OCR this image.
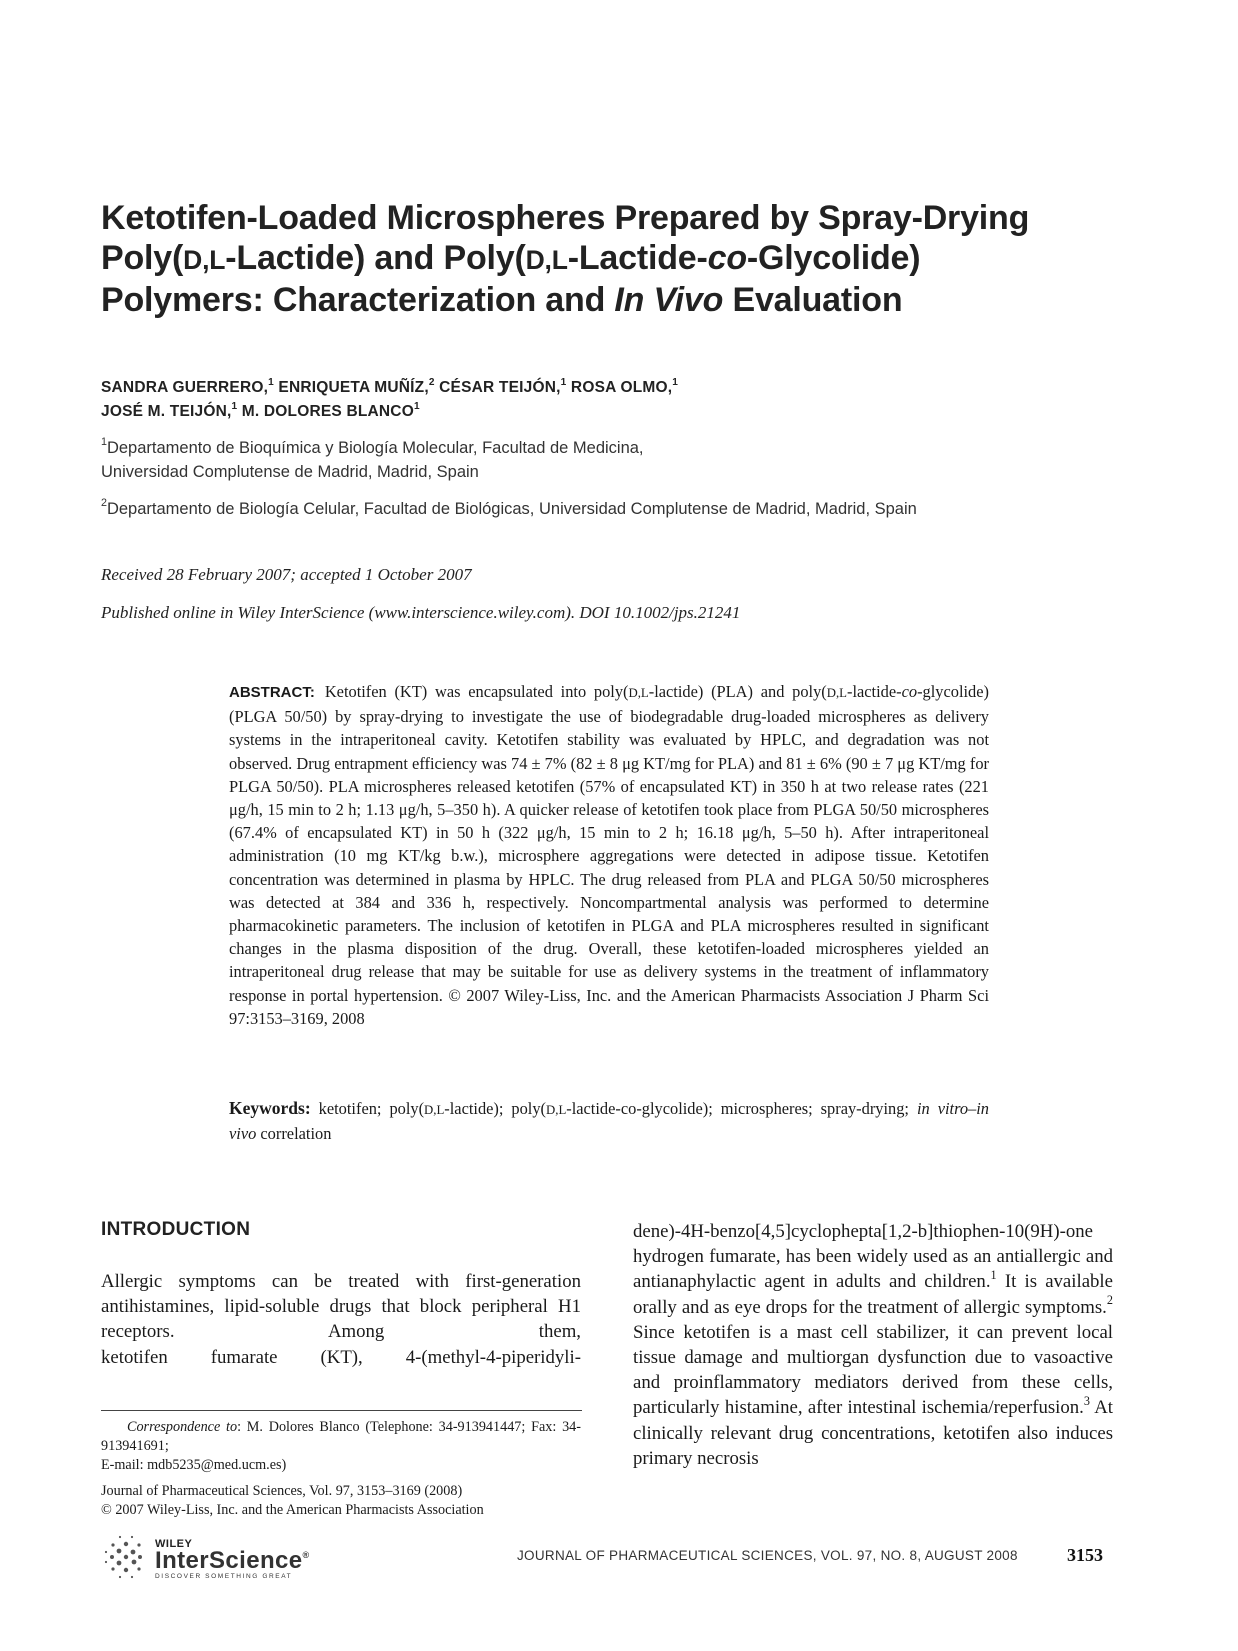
Ketotifen-Loaded Microspheres Prepared by Spray-Drying
Poly(D,L-Lactide) and Poly(D,L-Lactide-co-Glycolide)
Polymers: Characterization and In Vivo Evaluation
SANDRA GUERRERO,$^1$ ENRIQUETA MUÑÍZ,$^2$ CÉSAR TEIJÓN,$^1$ ROSA OLMO,$^1$
JOSÉ M. TEIJÓN,$^1$ M. DOLORES BLANCO$^1$
$^1$Departamento de Bioquímica y Biología Molecular, Facultad de Medicina,
Universidad Complutense de Madrid, Madrid, Spain
$^2$Departamento de Biología Celular, Facultad de Biológicas, Universidad Complutense de Madrid, Madrid, Spain
Received 28 February 2007; accepted 1 October 2007
Published online in Wiley InterScience (www.interscience.wiley.com). DOI 10.1002/jps.21241
ABSTRACT: Ketotifen (KT) was encapsulated into poly(D,L-lactide) (PLA) and poly(D,L-lactide-co-glycolide) (PLGA 50/50) by spray-drying to investigate the use of biodegradable drug-loaded microspheres as delivery systems in the intraperitoneal cavity. Ketotifen stability was evaluated by HPLC, and degradation was not observed. Drug entrapment efficiency was 74 ± 7% (82 ± 8 μg KT/mg for PLA) and 81 ± 6% (90 ± 7 μg KT/mg for PLGA 50/50). PLA microspheres released ketotifen (57% of encapsulated KT) in 350 h at two release rates (221 μg/h, 15 min to 2 h; 1.13 μg/h, 5–350 h). A quicker release of ketotifen took place from PLGA 50/50 microspheres (67.4% of encapsulated KT) in 50 h (322 μg/h, 15 min to 2 h; 16.18 μg/h, 5–50 h). After intraperitoneal administration (10 mg KT/kg b.w.), microsphere aggregations were detected in adipose tissue. Ketotifen concentration was determined in plasma by HPLC. The drug released from PLA and PLGA 50/50 microspheres was detected at 384 and 336 h, respectively. Noncompartmental analysis was performed to determine pharmacokinetic parameters. The inclusion of ketotifen in PLGA and PLA microspheres resulted in significant changes in the plasma disposition of the drug. Overall, these ketotifen-loaded microspheres yielded an intraperitoneal drug release that may be suitable for use as delivery systems in the treatment of inflammatory response in portal hypertension. © 2007 Wiley-Liss, Inc. and the American Pharmacists Association J Pharm Sci 97:3153–3169, 2008
Keywords: ketotifen; poly(D,L-lactide); poly(D,L-lactide-co-glycolide); microspheres; spray-drying; in vitro–in vivo correlation
INTRODUCTION

Allergic symptoms can be treated with first-generation antihistamines, lipid-soluble drugs that block peripheral H1 receptors. Among them,

ketotifen fumarate (KT), 4-(methyl-4-piperidyli-

dene)-4H-benzo[4,5]cyclophepta[1,2-b]thiophen-10(9H)-one hydrogen fumarate, has been widely used as an antiallergic and antianaphylactic agent in adults and children.$^1$ It is available orally and as eye drops for the treatment of allergic symptoms.$^2$ Since ketotifen is a mast cell stabilizer, it can prevent local tissue damage and multiorgan dysfunction due to vasoactive and proinflammatory mediators derived from these cells, particularly histamine, after intestinal ischemia/reperfusion.$^3$ At clinically relevant drug concentrations, ketotifen also induces primary necrosis

Correspondence to: M. Dolores Blanco (Telephone: 34-913941447; Fax: 34-913941691;
E-mail: mdb5235@med.ucm.es)
Journal of Pharmaceutical Sciences, Vol. 97, 3153–3169 (2008)
© 2007 Wiley-Liss, Inc. and the American Pharmacists Association
WILEY
InterScience®
DISCOVER SOMETHING GREAT
JOURNAL OF PHARMACEUTICAL SCIENCES, VOL. 97, NO. 8, AUGUST 2008	3153
